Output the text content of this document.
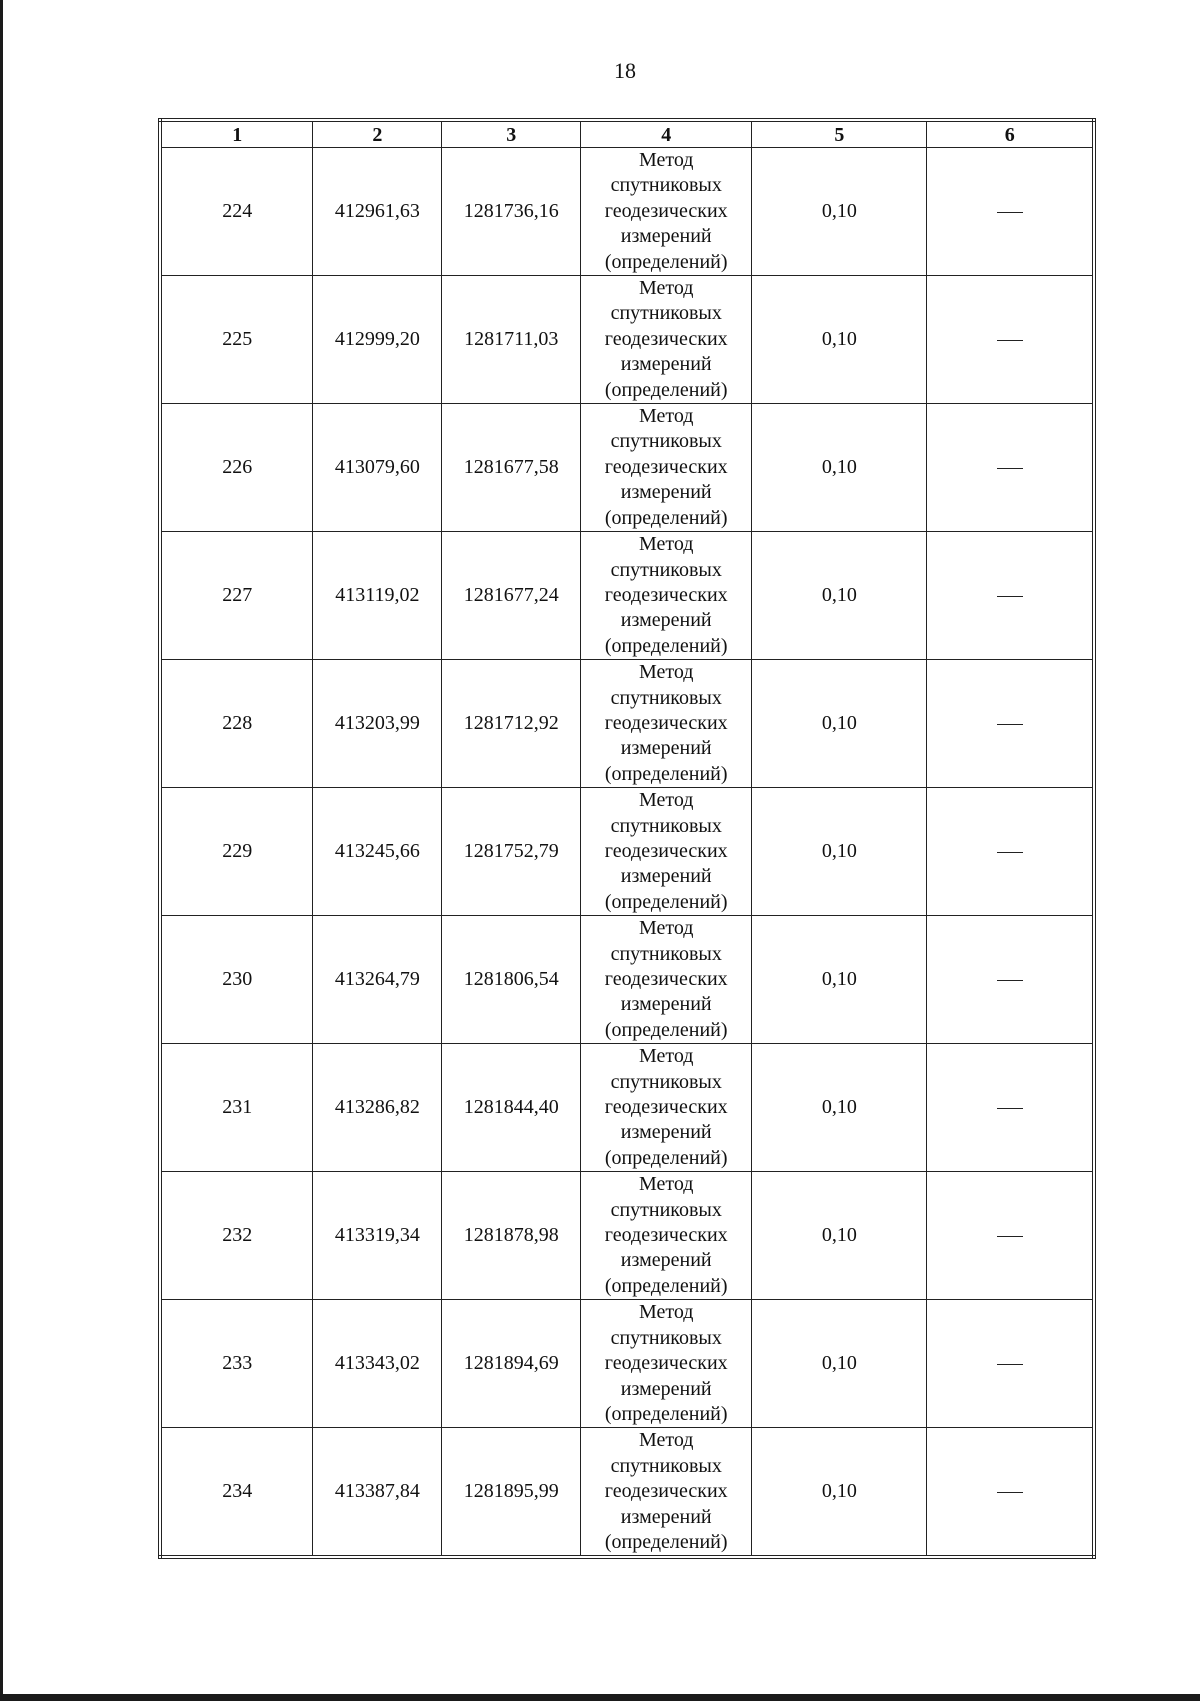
18
1	2	3	4	5	6
224	412961,63	1281736,16	Метод
спутниковых
геодезических
измерений
(определений)	0,10	
225	412999,20	1281711,03	Метод
спутниковых
геодезических
измерений
(определений)	0,10	
226	413079,60	1281677,58	Метод
спутниковых
геодезических
измерений
(определений)	0,10	
227	413119,02	1281677,24	Метод
спутниковых
геодезических
измерений
(определений)	0,10	
228	413203,99	1281712,92	Метод
спутниковых
геодезических
измерений
(определений)	0,10	
229	413245,66	1281752,79	Метод
спутниковых
геодезических
измерений
(определений)	0,10	
230	413264,79	1281806,54	Метод
спутниковых
геодезических
измерений
(определений)	0,10	
231	413286,82	1281844,40	Метод
спутниковых
геодезических
измерений
(определений)	0,10	
232	413319,34	1281878,98	Метод
спутниковых
геодезических
измерений
(определений)	0,10	
233	413343,02	1281894,69	Метод
спутниковых
геодезических
измерений
(определений)	0,10	
234	413387,84	1281895,99	Метод
спутниковых
геодезических
измерений
(определений)	0,10	
